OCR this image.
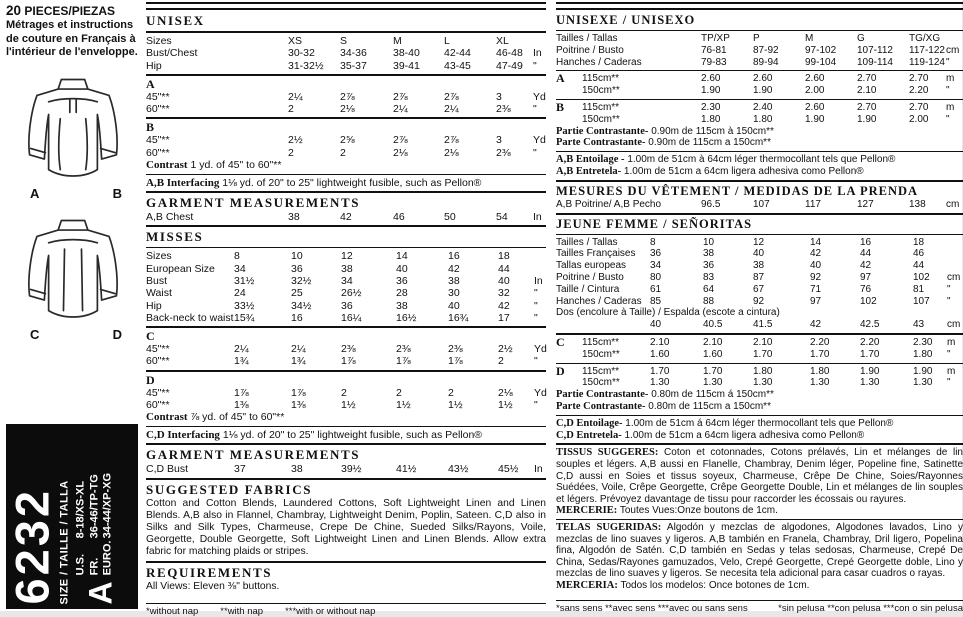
20 PIECES/PIEZAS
Métrages et instructions de couture en Français à l'intérieur de l'enveloppe.
A	B
C	D
6232 SIZE / TAILLE / TALLA A
U.S.
8-18/XS-XL
FR.
36-46/TP-TG
EURO.
34-44/XP-XG
UNISEX
Sizes	XS	S	M	L	XL
Bust/Chest	30-32	34-36	38-40	42-44	46-48 In
Hip	31-32½	35-37	39-41	43-45	47-49 "
A
45"**	2¼	2⅞	2⅞	2⅞	3	Yd
60"**	2	2⅛	2¼	2¼	2⅜	"
B
45"**	2½	2⅝	2⅞	2⅞	3	Yd
60"**	2	2	2⅛	2⅛	2⅜	"
Contrast 1 yd. of 45" to 60"**
A,B Interfacing 1⅛ yd. of 20" to 25" lightweight fusible, such as Pellon®
GARMENT MEASUREMENTS
A,B Chest	38	42	46	50	54	In
MISSES
Sizes	8	10	12	14	16	18
European Size	34	36	38	40	42	44
Bust	31½	32½	34	36	38	40	In
Waist	24	25	26½	28	30	32	"
Hip	33½	34½	36	38	40	42	"
Back-neck to waist 15¾	16	16¼	16½	16¾	17	"
C
45"**	2¼	2¼	2⅜	2⅜	2⅜	2½	Yd
60"**	1¾	1¾	1⅞	1⅞	1⅞	2	"
D
45"**	1⅞	1⅞	2	2	2	2⅛	Yd
60"**	1⅜	1⅜	1½	1½	1½	1½	"
Contrast ⅞ yd. of 45" to 60"**
C,D Interfacing 1⅛ yd. of 20" to 25" lightweight fusible, such as Pellon®
GARMENT MEASUREMENTS
C,D Bust	37	38	39½	41½	43½	45½	In
SUGGESTED FABRICS
Cotton and Cotton Blends, Laundered Cottons, Soft Lightweight Linen and Linen Blends. A,B also in Flannel, Chambray, Lightweight Denim, Poplin, Sateen. C,D also in Silks and Silk Types, Charmeuse, Crepe De Chine, Sueded Silks/Rayons, Voile, Georgette, Double Georgette, Soft Lightweight Linen and Linen Blends. Allow extra fabric for matching plaids or stripes.
REQUIREMENTS
All Views: Eleven ⅜" buttons.
*without nap **with nap ***with or without nap
UNISEXE / UNISEXO
Tailles / Tallas	TP/XP	P	M	G	TG/XG
Poitrine / Busto	76-81	87-92	97-102	107-112	117-122 cm
Hanches / Caderas	79-83	89-94	99-104	109-114	119-124 "
A	115cm**	2.60	2.60	2.60	2.70	2.70	m
150cm**	1.90	1.90	2.00	2.10	2.20	"
B	115cm**	2.30	2.40	2.60	2.70	2.70	m
150cm**	1.80	1.80	1.90	1.90	2.00	"
Partie Contrastante- 0.90m de 115cm à 150cm**
Parte Contrastante- 0.90m de 115cm a 150cm**
A,B Entoilage - 1.00m de 51cm à 64cm léger thermocollant tels que Pellon®
A,B Entretela- 1.00m de 51cm a 64cm ligera adhesiva como Pellon®
MESURES DU VÊTEMENT / MEDIDAS DE LA PRENDA
A,B Poitrine/ A,B Pecho	96.5	107	117	127	138	cm
JEUNE FEMME / SEÑORITAS
Tailles / Tallas	8	10	12	14	16	18
Tailles Françaises 36	38	40	42	44	46
Tallas europeas 34	36	38	40	42	44
Poitrine / Busto	80	83	87	92	97	102	cm
Taille / Cintura	61	64	67	71	76	81	"
Hanches / Caderas 85	88	92	97	102	107	"
Dos (encolure à Taille) / Espalda (escote a cintura)
40	40.5	41.5	42	42.5	43	cm
C	115cm**	2.10	2.10	2.10	2.20	2.20	2.30	m
150cm**	1.60	1.60	1.70	1.70	1.70	1.80	"
D	115cm**	1.70	1.70	1.80	1.80	1.90	1.90	m
150cm**	1.30	1.30	1.30	1.30	1.30	1.30	"
Partie Contrastante- 0.80m de 115cm á 150cm**
Parte Contrastante- 0.80m de 115cm a 150cm**
C,D Entoilage- 1.00m de 51cm á 64cm léger thermocollant tels que Pellon®
C,D Entretela- 1.00m de 51cm a 64cm ligera adhesiva como Pellon®
TISSUS SUGGERES: Coton et cotonnades, Cotons prélavés, Lin et mélanges de lin souples et légers. A,B aussi en Flanelle, Chambray, Denim léger, Popeline fine, Satinette C,D aussi en Soies et tissus soyeux, Charmeuse, Crêpe De Chine, Soies/Rayonnes Suédées, Voile, Crêpe Georgette, Crêpe Georgette Double, Lin et mélanges de lin souples et légers. Prévoyez davantage de tissu pour raccorder les écossais ou rayures.
MERCERIE: Toutes Vues:Onze boutons de 1cm.
TELAS SUGERIDAS: Algodón y mezclas de algodones, Algodones lavados, Lino y mezclas de lino suaves y ligeros. A,B también en Franela, Chambray, Dril ligero, Popelina fina, Algodón de Satén. C,D también en Sedas y telas sedosas, Charmeuse, Crepé De China, Sedas/Rayones gamuzados, Velo, Crepé Georgette, Crepé Georgette doble, Lino y mezclas de lino suaves y ligeros. Se necesita tela adicional para casar cuadros o rayas.
MERCERIA: Todos los modelos: Once botones de 1cm.
*sans sens **avec sens ***avec ou sans sens	*sin pelusa **con pelusa ***con o sin pelusa
